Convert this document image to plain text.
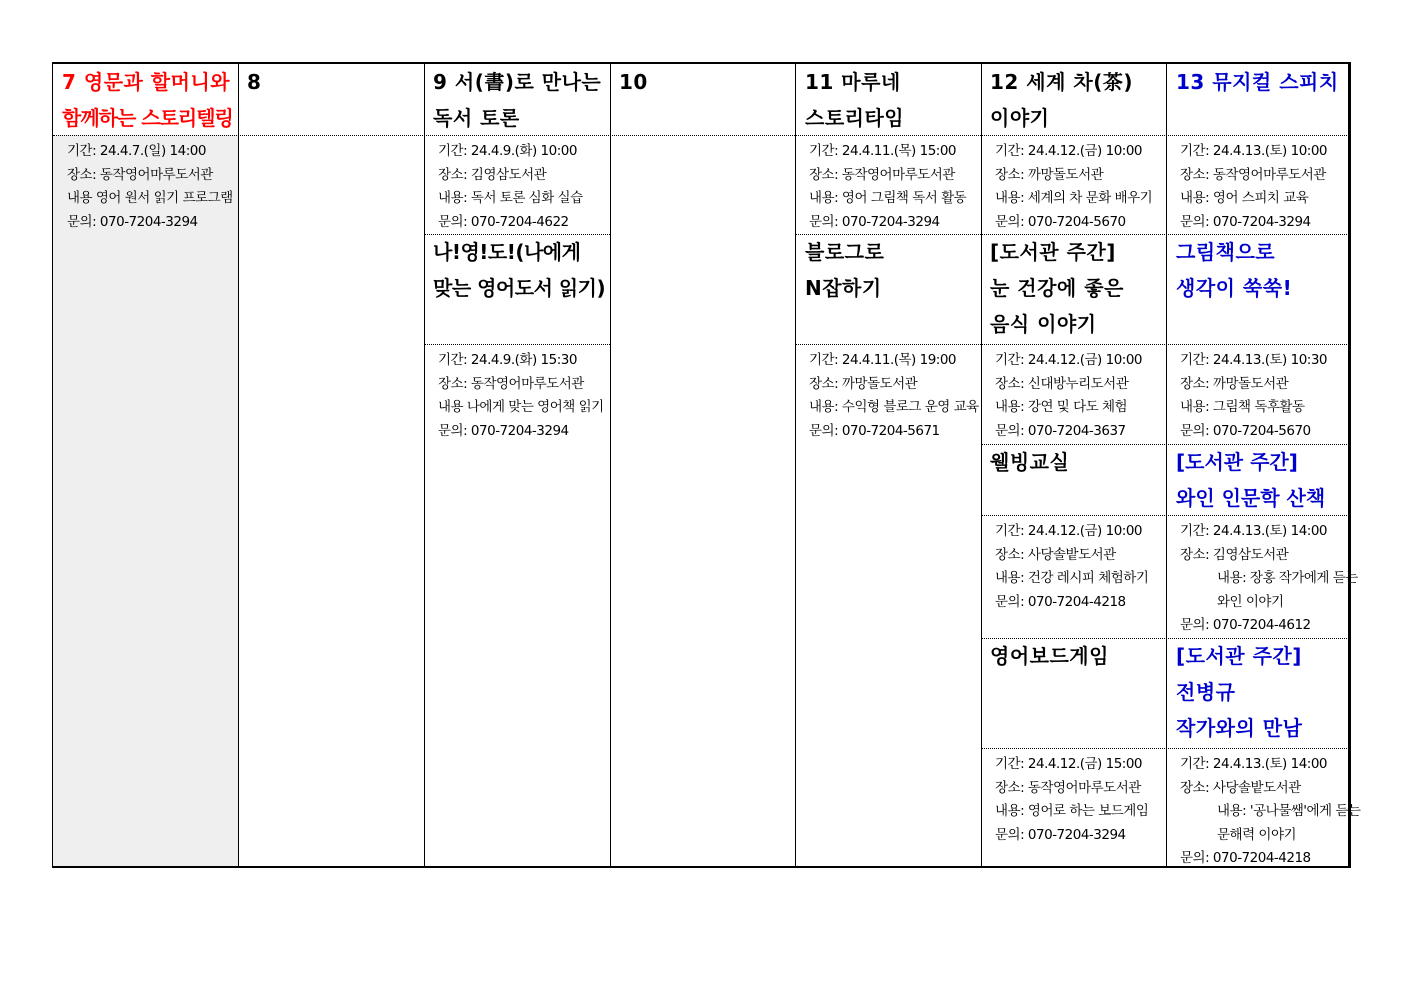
7 영문과 할머니와
함께하는 스토리텔링
기간: 24.4.7.(일) 14:00
장소: 동작영어마루도서관
내용 영어 원서 읽기 프로그램
문의: 070-7204-3294
8	9 서(書)로 만나는
독서 토론
기간: 24.4.9.(화) 10:00
장소: 김영삼도서관
내용: 독서 토론 심화 실습
문의: 070-7204-4622
나!영!도!(나에게
맞는 영어도서 읽기)
기간: 24.4.9.(화) 15:30
장소: 동작영어마루도서관
내용 나에게 맞는 영어책 읽기
문의: 070-7204-3294
10	11 마루네
스토리타임
기간: 24.4.11.(목) 15:00
장소: 동작영어마루도서관
내용: 영어 그림책 독서 활동
문의: 070-7204-3294
블로그로
N잡하기
기간: 24.4.11.(목) 19:00
장소: 까망돌도서관
내용: 수익형 블로그 운영 교육
문의: 070-7204-5671
12 세계 차(茶)
이야기
기간: 24.4.12.(금) 10:00
장소: 까망돌도서관
내용: 세계의 차 문화 배우기
문의: 070-7204-5670
[도서관 주간]
눈 건강에 좋은
음식 이야기
기간: 24.4.12.(금) 10:00
장소: 신대방누리도서관
내용: 강연 및 다도 체험
문의: 070-7204-3637
웰빙교실
기간: 24.4.12.(금) 10:00
장소: 사당솔밭도서관
내용: 건강 레시피 체험하기
문의: 070-7204-4218
영어보드게임
기간: 24.4.12.(금) 15:00
장소: 동작영어마루도서관
내용: 영어로 하는 보드게임
문의: 070-7204-3294
13 뮤지컬 스피치
기간: 24.4.13.(토) 10:00
장소: 동작영어마루도서관
내용: 영어 스피치 교육
문의: 070-7204-3294
그림책으로
생각이 쑥쑥!
기간: 24.4.13.(토) 10:30
장소: 까망돌도서관
내용: 그림책 독후활동
문의: 070-7204-5670
[도서관 주간]
와인 인문학 산책
기간: 24.4.13.(토) 14:00
장소: 김영삼도서관
내용: 장홍 작가에게 듣는
와인 이야기
문의: 070-7204-4612
[도서관 주간]
전병규
작가와의 만남
기간: 24.4.13.(토) 14:00
장소: 사당솔밭도서관
내용: '공나물쌤'에게 듣는
문해력 이야기
문의: 070-7204-4218
